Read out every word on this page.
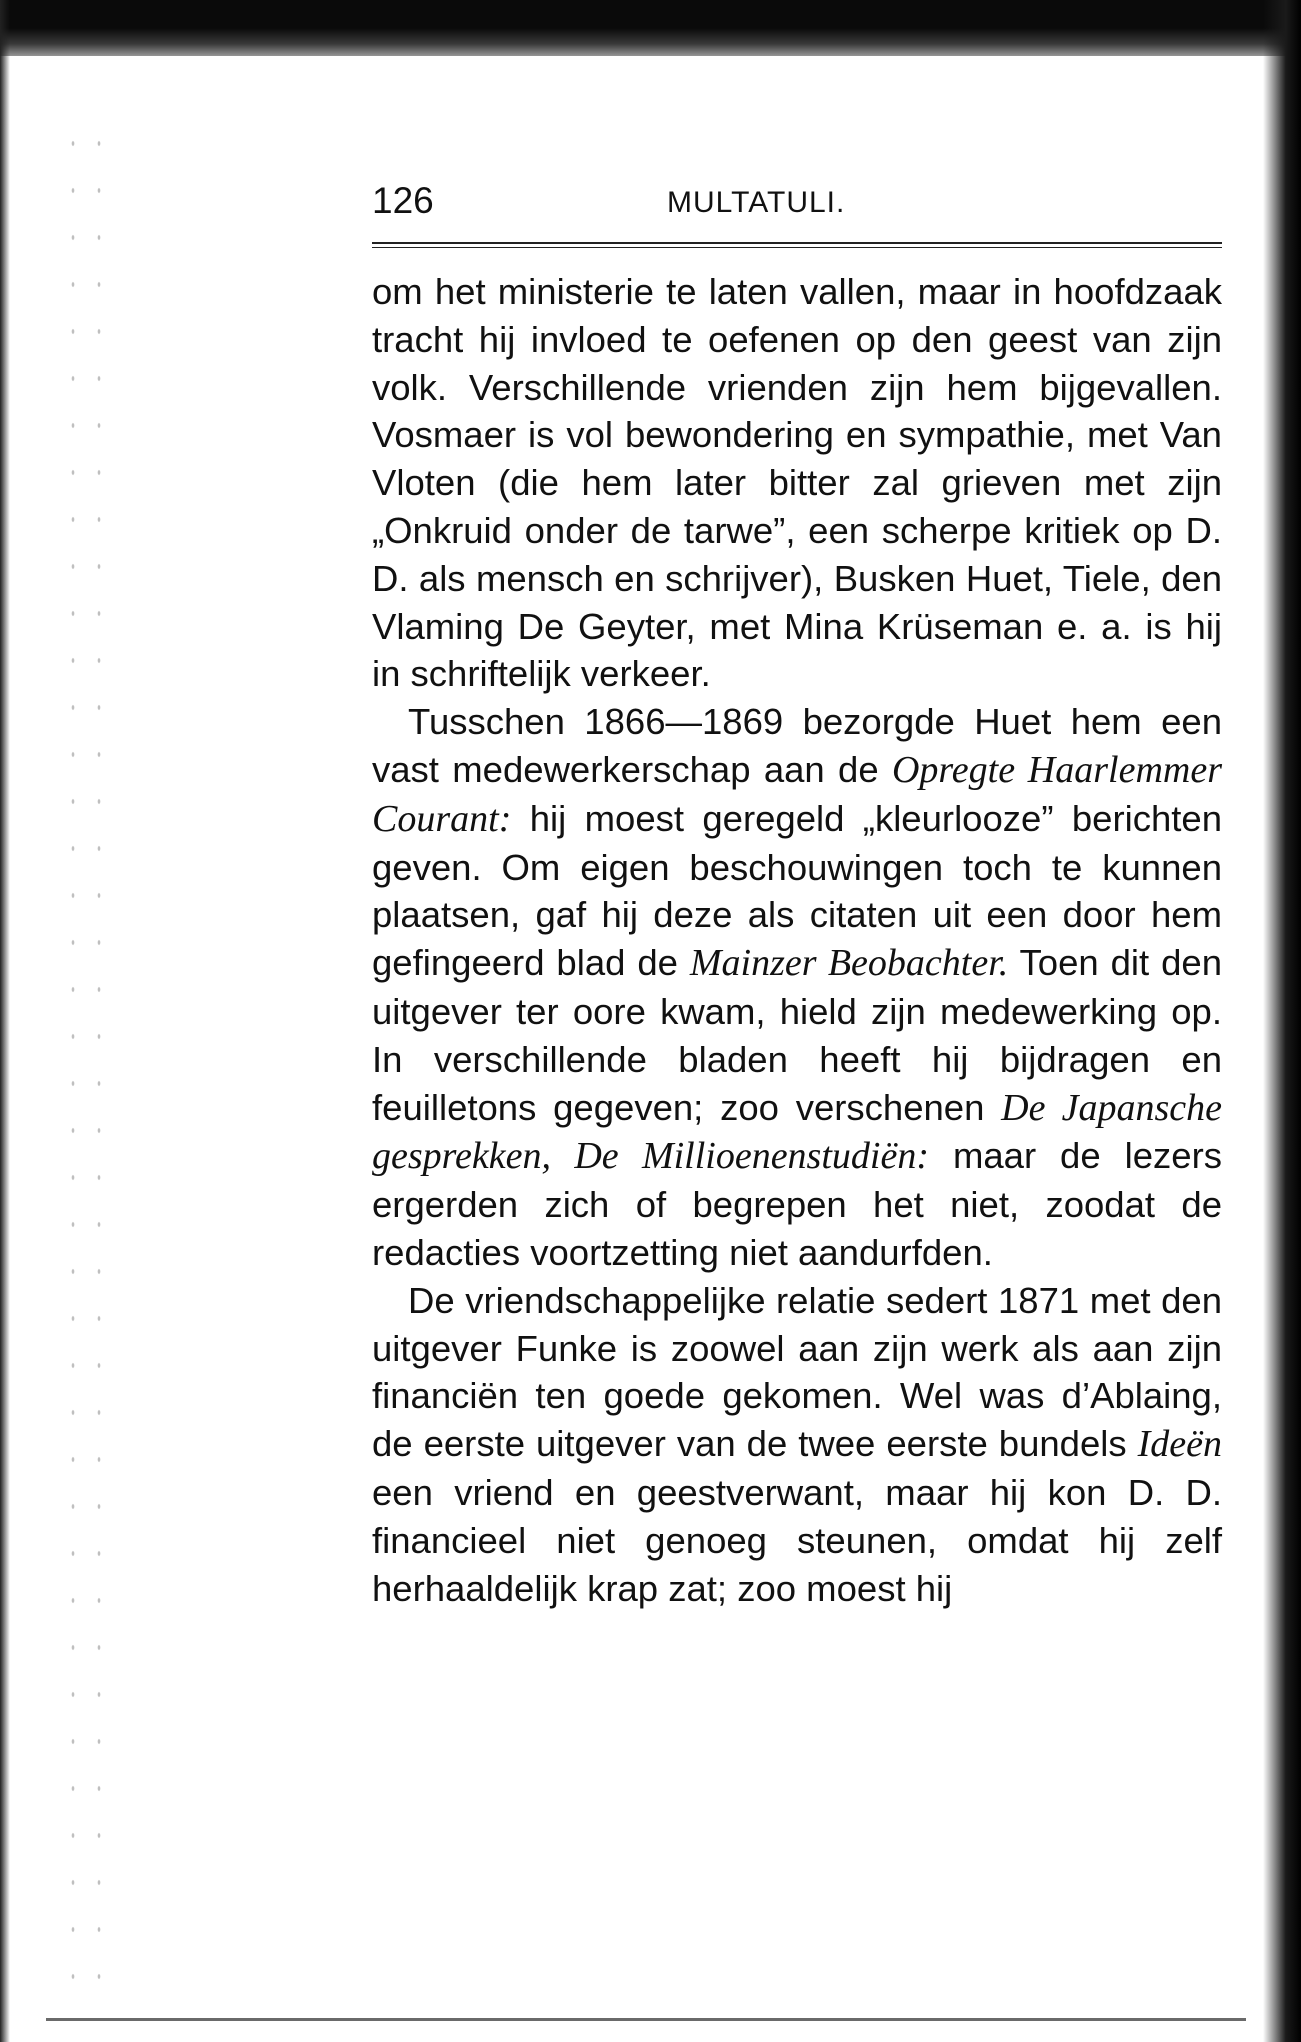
126	MULTATULI.

om het ministerie te laten vallen, maar in hoofdzaak tracht hij invloed te oefenen op den geest van zijn volk. Verschillende vrienden zijn hem bijgevallen. Vosmaer is vol bewondering en sympathie, met Van Vloten (die hem later bitter zal grieven met zijn „Onkruid onder de tarwe”, een scherpe kritiek op D. D. als mensch en schrijver), Busken Huet, Tiele, den Vlaming De Geyter, met Mina Krüseman e. a. is hij in schriftelijk verkeer.

Tusschen 1866—1869 bezorgde Huet hem een vast medewerkerschap aan de Opregte Haarlemmer Courant: hij moest geregeld „kleurlooze” berichten geven. Om eigen beschouwingen toch te kunnen plaatsen, gaf hij deze als citaten uit een door hem gefingeerd blad de Mainzer Beobachter. Toen dit den uitgever ter oore kwam, hield zijn medewerking op. In verschillende bladen heeft hij bijdragen en feuilletons gegeven; zoo verschenen De Japansche gesprekken, De Millioenenstudiën: maar de lezers ergerden zich of begrepen het niet, zoodat de redacties voortzetting niet aandurfden.

De vriendschappelijke relatie sedert 1871 met den uitgever Funke is zoowel aan zijn werk als aan zijn financiën ten goede gekomen. Wel was d’Ablaing, de eerste uitgever van de twee eerste bundels Ideën een vriend en geestverwant, maar hij kon D. D. financieel niet genoeg steunen, omdat hij zelf herhaaldelijk krap zat; zoo moest hij
